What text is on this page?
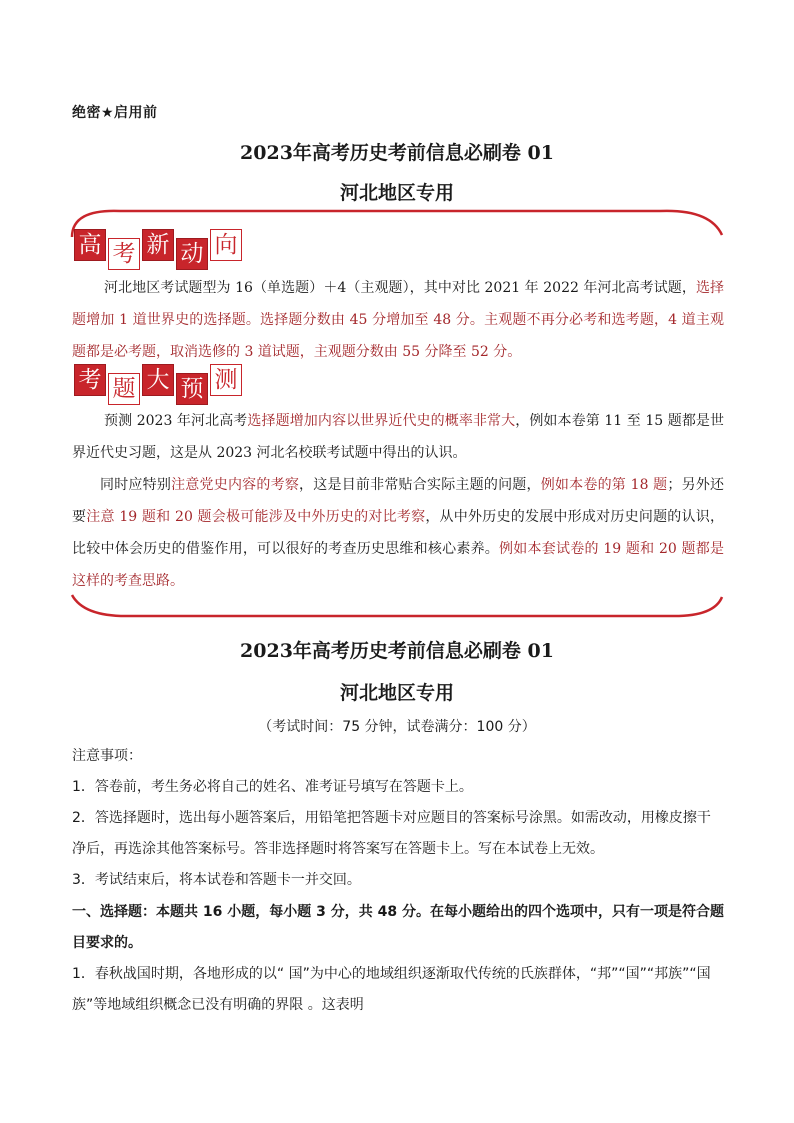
绝密★启用前
2023年高考历史考前信息必刷卷 01
河北地区专用
高 考 新 动 向
河北地区考试题型为 16（单选题）＋4（主观题），其中对比 2021 年 2022 年河北高考试题，选择题增加 1 道世界史的选择题。选择题分数由 45 分增加至 48 分。主观题不再分必考和选考题，4 道主观题都是必考题，取消选修的 3 道试题，主观题分数由 55 分降至 52 分。
考 题 大 预 测
预测 2023 年河北高考选择题增加内容以世界近代史的概率非常大，例如本卷第 11 至 15 题都是世界近代史习题，这是从 2023 河北名校联考试题中得出的认识。
同时应特别注意党史内容的考察，这是目前非常贴合实际主题的问题，例如本卷的第 18 题；另外还要注意 19 题和 20 题会极可能涉及中外历史的对比考察，从中外历史的发展中形成对历史问题的认识，比较中体会历史的借鉴作用，可以很好的考查历史思维和核心素养。例如本套试卷的 19 题和 20 题都是这样的考查思路。
2023年高考历史考前信息必刷卷 01
河北地区专用
（考试时间：75 分钟，试卷满分：100 分）
注意事项：
1．答卷前，考生务必将自己的姓名、准考证号填写在答题卡上。
2．答选择题时，选出每小题答案后，用铅笔把答题卡对应题目的答案标号涂黑。如需改动，用橡皮擦干净后，再选涂其他答案标号。答非选择题时将答案写在答题卡上。写在本试卷上无效。
3．考试结束后，将本试卷和答题卡一并交回。
一、选择题：本题共 16 小题，每小题 3 分，共 48 分。在每小题给出的四个选项中，只有一项是符合题目要求的。
1．春秋战国时期，各地形成的以“ 国”为中心的地域组织逐渐取代传统的氏族群体，“邦”“国”“邦族”“国族”等地域组织概念已没有明确的界限 。这表明
